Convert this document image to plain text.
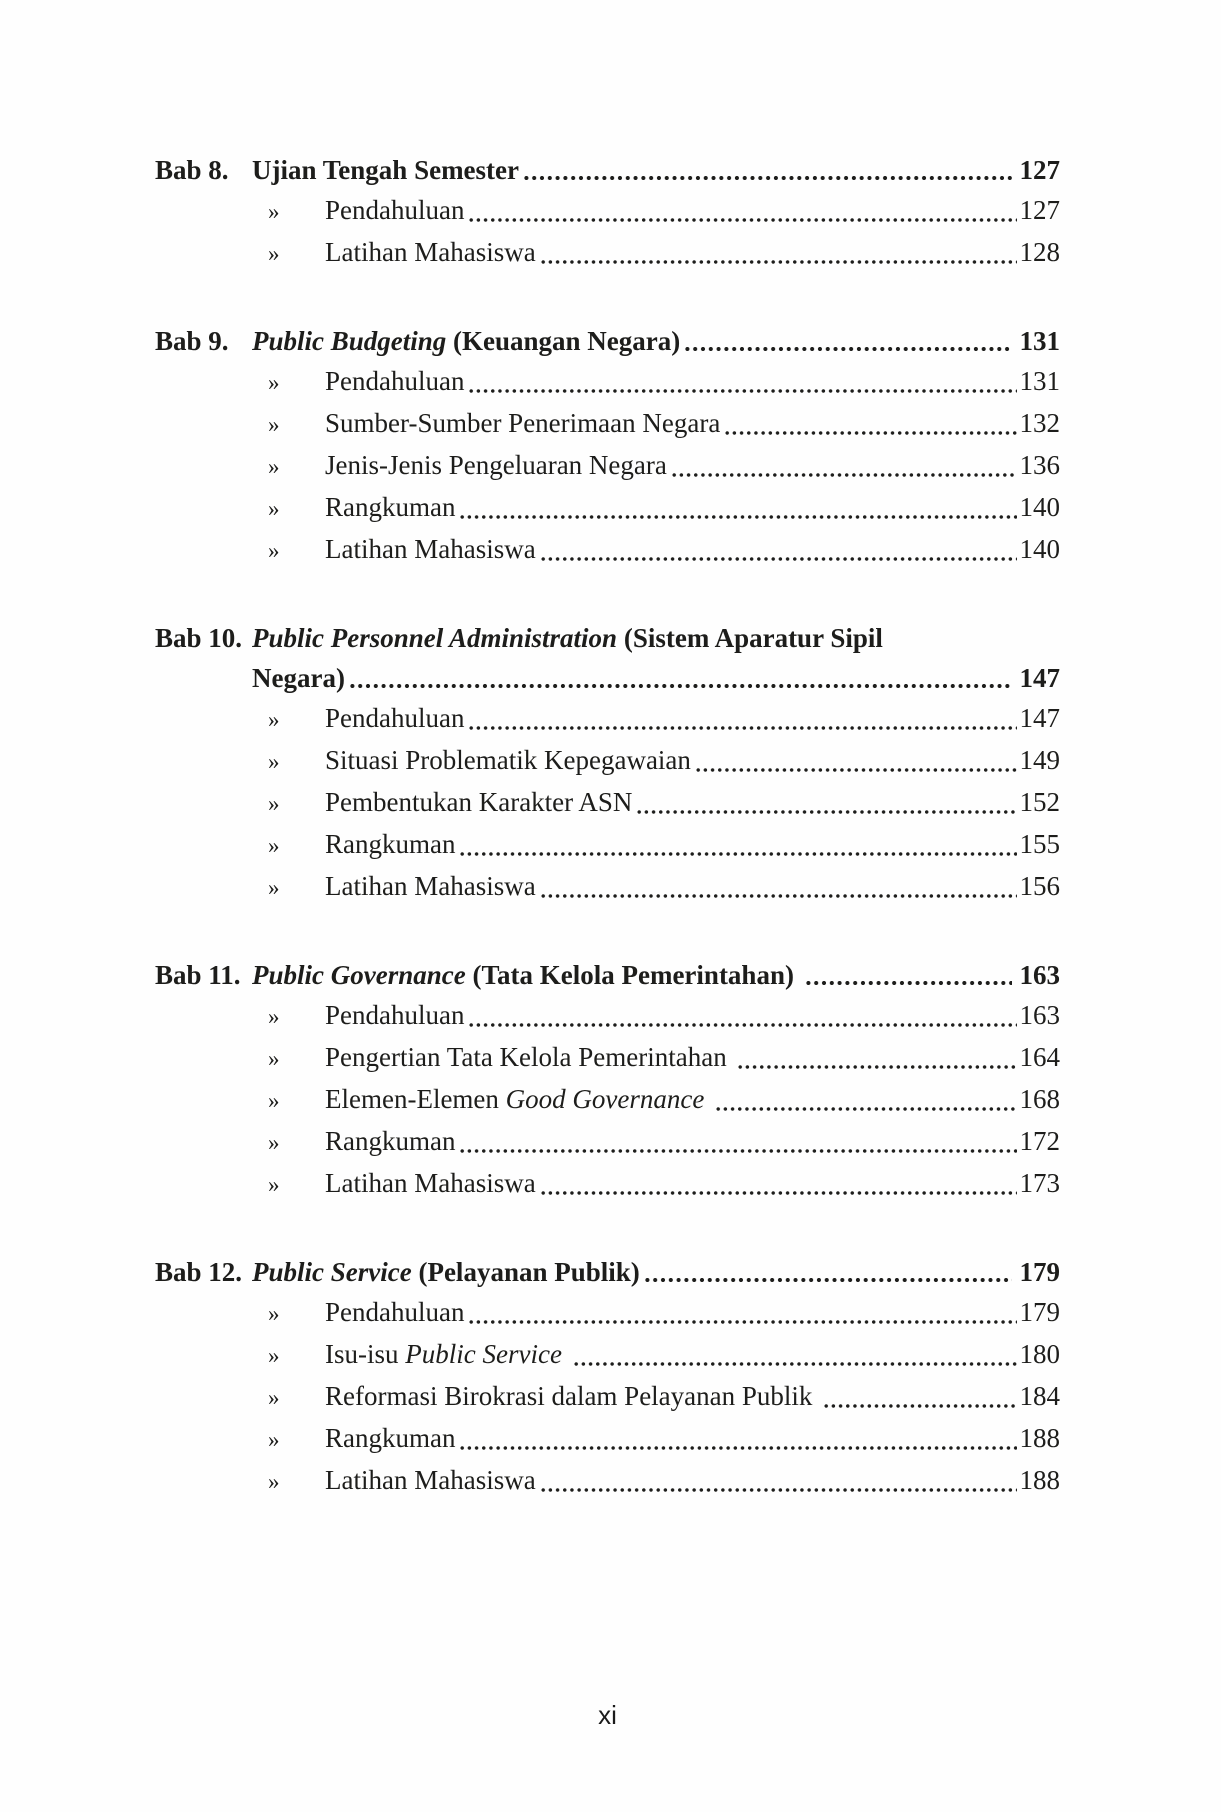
Bab 8. Ujian Tengah Semester	127
»	Pendahuluan	127
»	Latihan Mahasiswa	128
Bab 9. Public Budgeting (Keuangan Negara)	131
»	Pendahuluan	131
»	Sumber-Sumber Penerimaan Negara	132
»	Jenis-Jenis Pengeluaran Negara	136
»	Rangkuman	140
»	Latihan Mahasiswa	140
Bab 10. Public Personnel Administration (Sistem Aparatur Sipil
Negara)	147
»	Pendahuluan	147
»	Situasi Problematik Kepegawaian	149
»	Pembentukan Karakter ASN	152
»	Rangkuman	155
»	Latihan Mahasiswa	156
Bab 11. Public Governance (Tata Kelola Pemerintahan)	163
»	Pendahuluan	163
»	Pengertian Tata Kelola Pemerintahan	164
»	Elemen-Elemen Good Governance	168
»	Rangkuman	172
»	Latihan Mahasiswa	173
Bab 12. Public Service (Pelayanan Publik)	179
»	Pendahuluan	179
»	Isu-isu Public Service	180
»	Reformasi Birokrasi dalam Pelayanan Publik	184
»	Rangkuman	188
»	Latihan Mahasiswa	188
xi
